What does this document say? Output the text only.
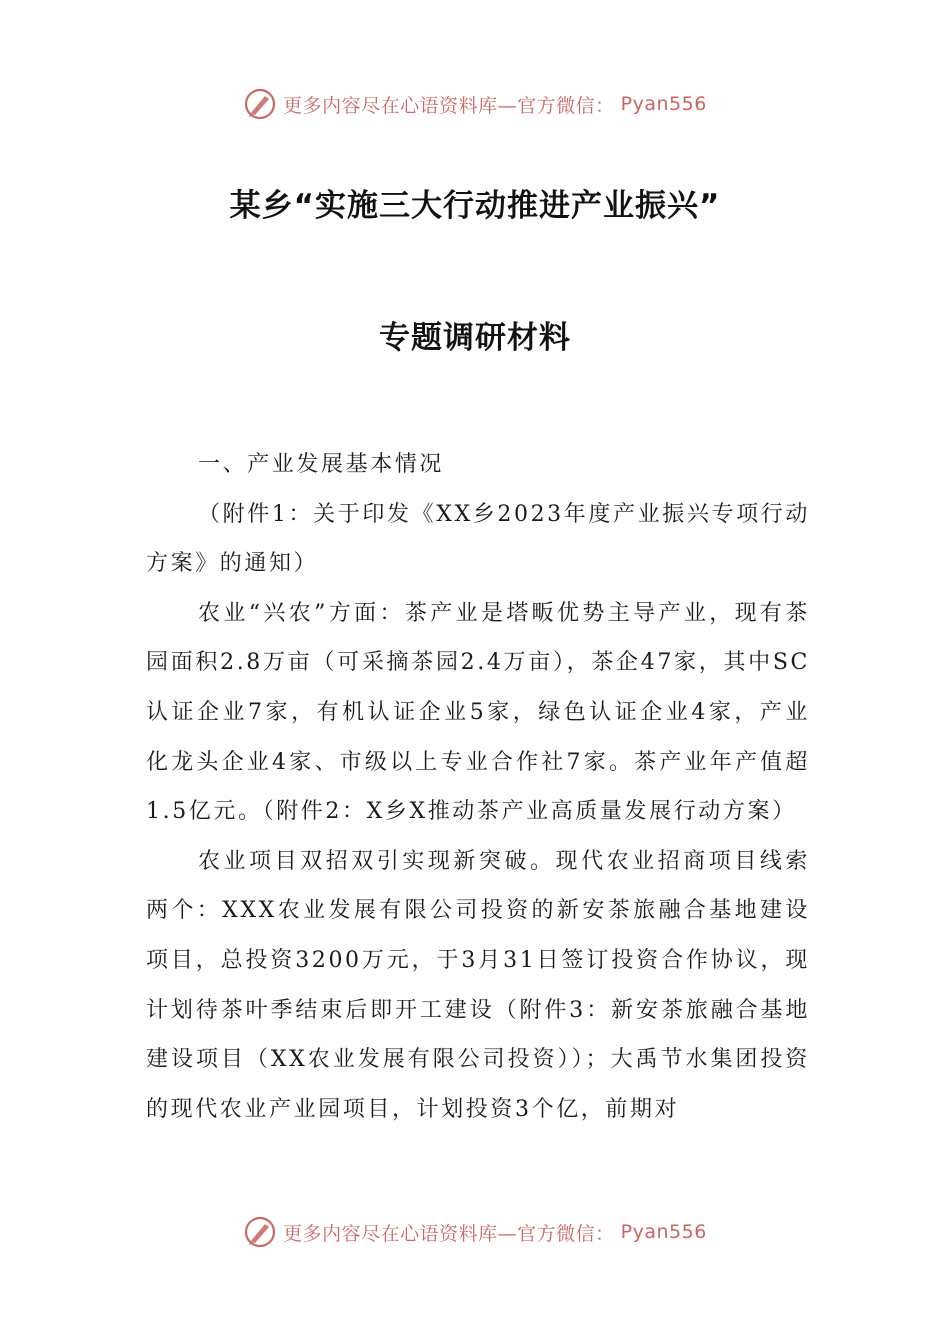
更多内容尽在心语资料库—官方微信： Pyan556
某乡“实施三大行动推进产业振兴”
专题调研材料

一、产业发展基本情况

（附件1：关于印发《XX乡2023年度产业振兴专项行动方案》的通知）

农业“兴农”方面：茶产业是塔畈优势主导产业，现有茶园面积2.8万亩（可采摘茶园2.4万亩），茶企47家，其中SC认证企业7家，有机认证企业5家，绿色认证企业4家，产业化龙头企业4家、市级以上专业合作社7家。茶产业年产值超1.5亿元。（附件2：X乡X推动茶产业高质量发展行动方案）

农业项目双招双引实现新突破。现代农业招商项目线索两个：XXX农业发展有限公司投资的新安茶旅融合基地建设项目，总投资3200万元，于3月31日签订投资合作协议，现计划待茶叶季结束后即开工建设（附件3：新安茶旅融合基地建设项目（XX农业发展有限公司投资））；大禹节水集团投资的现代农业产业园项目，计划投资3个亿，前期对

更多内容尽在心语资料库—官方微信： Pyan556
